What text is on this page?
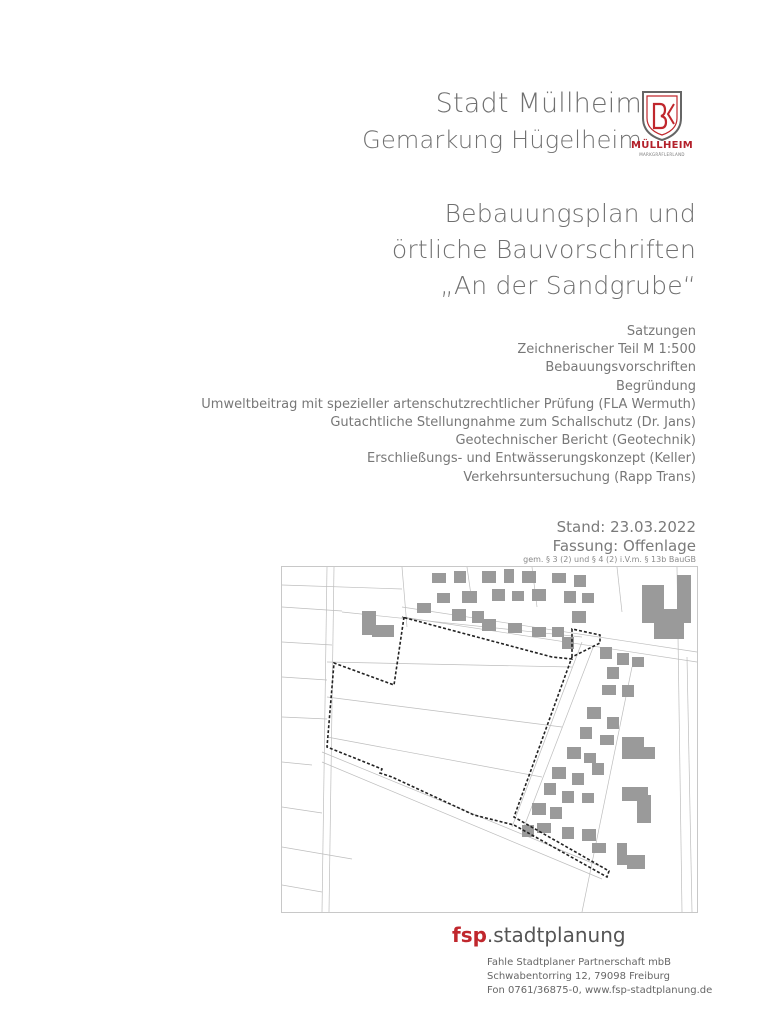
Stadt Müllheim
Gemarkung Hügelheim
MÜLLHEIM
MARKGRÄFLERLAND
Bebauungsplan und
örtliche Bauvorschriften
„An der Sandgrube“
Satzungen
Zeichnerischer Teil M 1:500
Bebauungsvorschriften
Begründung
Umweltbeitrag mit spezieller artenschutzrechtlicher Prüfung (FLA Wermuth)
Gutachtliche Stellungnahme zum Schallschutz (Dr. Jans)
Geotechnischer Bericht (Geotechnik)
Erschließungs- und Entwässerungskonzept (Keller)
Verkehrsuntersuchung (Rapp Trans)
Stand: 23.03.2022
Fassung: Offenlage
gem. § 3 (2) und § 4 (2) i.V.m. § 13b BauGB
fsp.stadtplanung
Fahle Stadtplaner Partnerschaft mbB
Schwabentorring 12, 79098 Freiburg
Fon 0761/36875-0, www.fsp-stadtplanung.de
